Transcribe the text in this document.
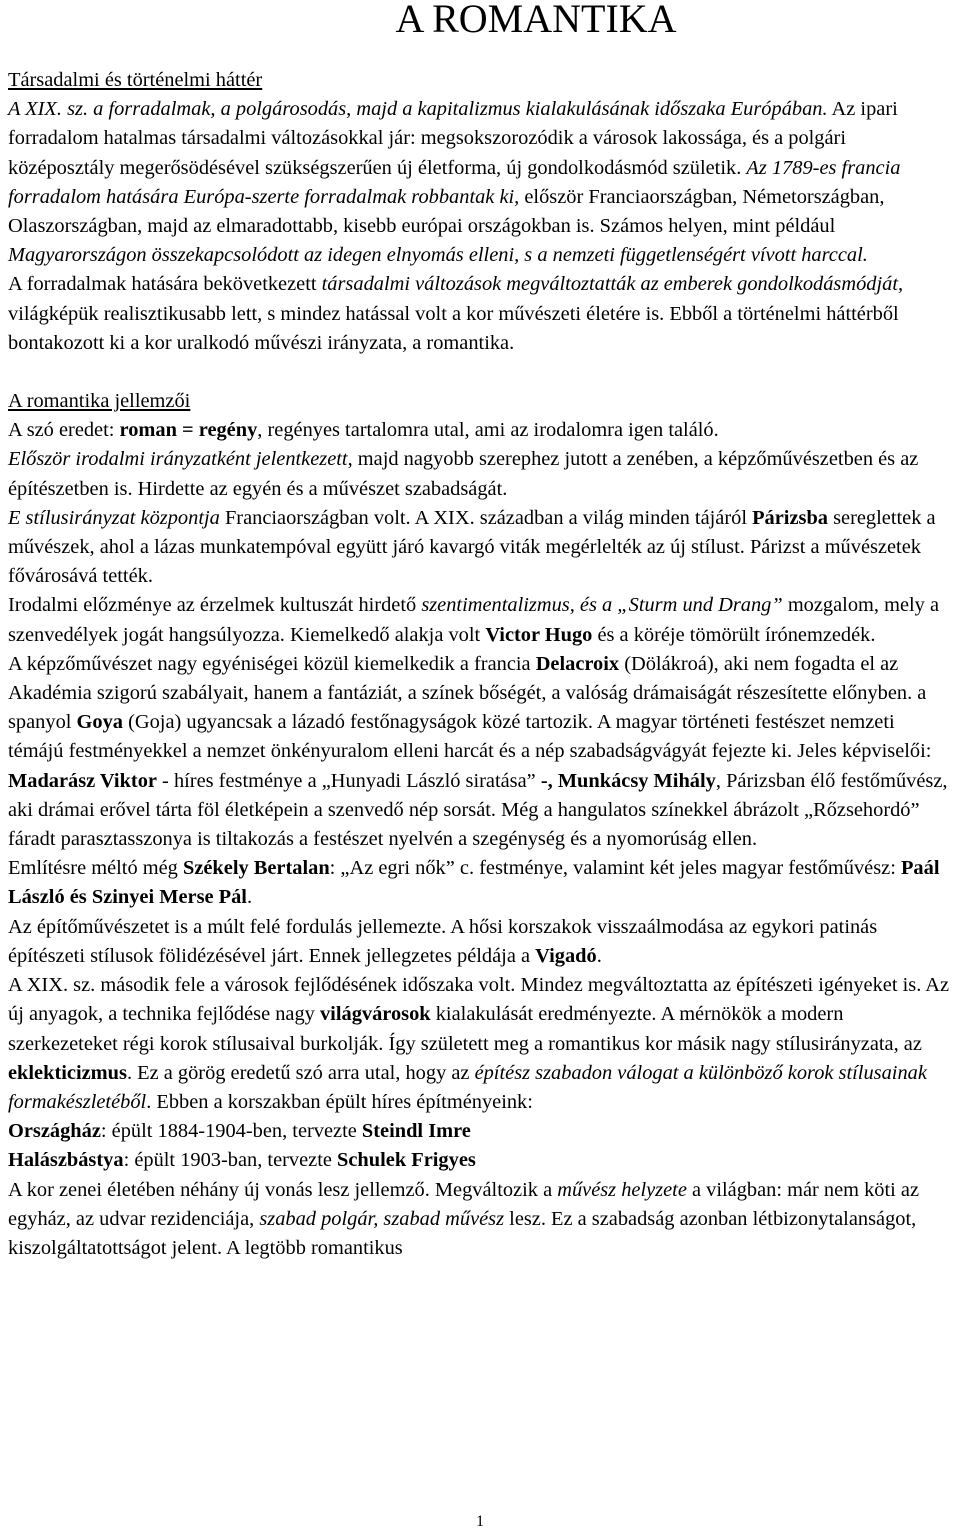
A ROMANTIKA

Társadalmi és történelmi háttér

A XIX. sz. a forradalmak, a polgárosodás, majd a kapitalizmus kialakulásának időszaka Európában. Az ipari forradalom hatalmas társadalmi változásokkal jár: megsokszorozódik a városok lakossága, és a polgári középosztály megerősödésével szükségszerűen új életforma, új gondolkodásmód születik. Az 1789-es francia forradalom hatására Európa-szerte forradalmak robbantak ki, először Franciaországban, Németországban, Olaszországban, majd az elmaradottabb, kisebb európai országokban is. Számos helyen, mint például Magyarországon összekapcsolódott az idegen elnyomás elleni, s a nemzeti függetlenségért vívott harccal.

A forradalmak hatására bekövetkezett társadalmi változások megváltoztatták az emberek gondolkodásmódját, világképük realisztikusabb lett, s mindez hatással volt a kor művészeti életére is. Ebből a történelmi háttérből bontakozott ki a kor uralkodó művészi irányzata, a romantika.

A romantika jellemzői

A szó eredet: roman = regény, regényes tartalomra utal, ami az irodalomra igen találó.

Először irodalmi irányzatként jelentkezett, majd nagyobb szerephez jutott a zenében, a képzőművészetben és az építészetben is. Hirdette az egyén és a művészet szabadságát.

E stílusirányzat központja Franciaországban volt. A XIX. században a világ minden tájáról Párizsba sereglettek a művészek, ahol a lázas munkatempóval együtt járó kavargó viták megérlelték az új stílust. Párizst a művészetek fővárosává tették.

Irodalmi előzménye az érzelmek kultuszát hirdető szentimentalizmus, és a „Sturm und Drang” mozgalom, mely a szenvedélyek jogát hangsúlyozza. Kiemelkedő alakja volt Victor Hugo és a köréje tömörült írónemzedék.

A képzőművészet nagy egyéniségei közül kiemelkedik a francia Delacroix (Dölákroá), aki nem fogadta el az Akadémia szigorú szabályait, hanem a fantáziát, a színek bőségét, a valóság drámaiságát részesítette előnyben. a spanyol Goya (Goja) ugyancsak a lázadó festőnagyságok közé tartozik. A magyar történeti festészet nemzeti témájú festményekkel a nemzet önkényuralom elleni harcát és a nép szabadságvágyát fejezte ki. Jeles képviselői: Madarász Viktor - híres festménye a „Hunyadi László siratása” -, Munkácsy Mihály, Párizsban élő festőművész, aki drámai erővel tárta föl életképein a szenvedő nép sorsát. Még a hangulatos színekkel ábrázolt „Rőzsehordó” fáradt parasztasszonya is tiltakozás a festészet nyelvén a szegénység és a nyomorúság ellen.

Említésre méltó még Székely Bertalan: „Az egri nők” c. festménye, valamint két jeles magyar festőművész: Paál László és Szinyei Merse Pál.

Az építőművészetet is a múlt felé fordulás jellemezte. A hősi korszakok visszaálmodása az egykori patinás építészeti stílusok fölidézésével járt. Ennek jellegzetes példája a Vigadó.

A XIX. sz. második fele a városok fejlődésének időszaka volt. Mindez megváltoztatta az építészeti igényeket is. Az új anyagok, a technika fejlődése nagy világvárosok kialakulását eredményezte. A mérnökök a modern szerkezeteket régi korok stílusaival burkolják. Így született meg a romantikus kor másik nagy stílusirányzata, az eklekticizmus. Ez a görög eredetű szó arra utal, hogy az építész szabadon válogat a különböző korok stílusainak formakészletéből. Ebben a korszakban épült híres építményeink:

Országház: épült 1884-1904-ben, tervezte Steindl Imre

Halászbástya: épült 1903-ban, tervezte Schulek Frigyes

A kor zenei életében néhány új vonás lesz jellemző. Megváltozik a művész helyzete a világban: már nem köti az egyház, az udvar rezidenciája, szabad polgár, szabad művész lesz. Ez a szabadság azonban létbizonytalanságot, kiszolgáltatottságot jelent. A legtöbb romantikus

1
